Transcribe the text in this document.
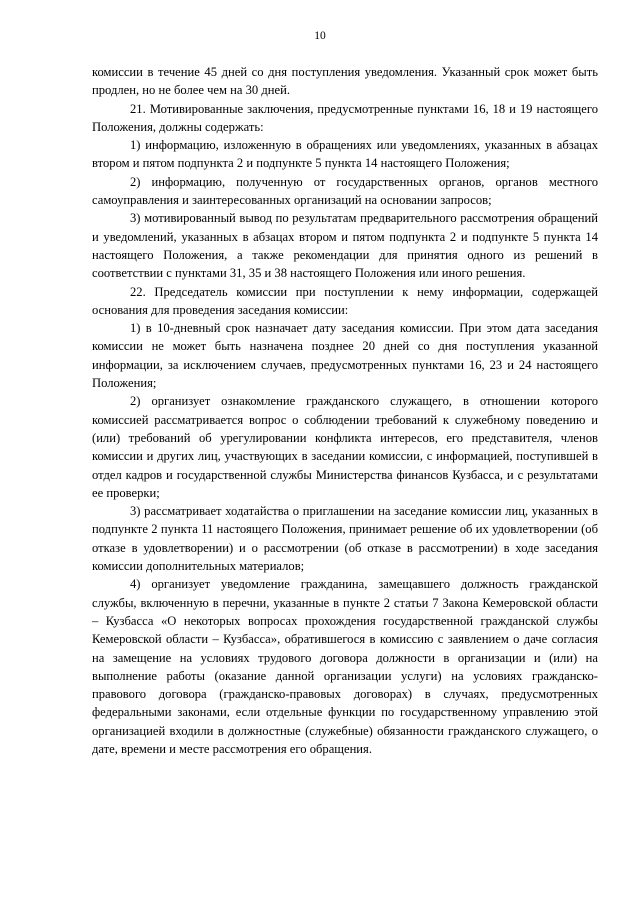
10

комиссии в течение 45 дней со дня поступления уведомления. Указанный срок может быть продлен, но не более чем на 30 дней.

21. Мотивированные заключения, предусмотренные пунктами 16, 18 и 19 настоящего Положения, должны содержать:

1) информацию, изложенную в обращениях или уведомлениях, указанных в абзацах втором и пятом подпункта 2 и подпункте 5 пункта 14 настоящего Положения;

2) информацию, полученную от государственных органов, органов местного самоуправления и заинтересованных организаций на основании запросов;

3) мотивированный вывод по результатам предварительного рассмотрения обращений и уведомлений, указанных в абзацах втором и пятом подпункта 2 и подпункте 5 пункта 14 настоящего Положения, а также рекомендации для принятия одного из решений в соответствии с пунктами 31, 35 и 38 настоящего Положения или иного решения.

22. Председатель комиссии при поступлении к нему информации, содержащей основания для проведения заседания комиссии:

1) в 10-дневный срок назначает дату заседания комиссии. При этом дата заседания комиссии не может быть назначена позднее 20 дней со дня поступления указанной информации, за исключением случаев, предусмотренных пунктами 16, 23 и 24 настоящего Положения;

2) организует ознакомление гражданского служащего, в отношении которого комиссией рассматривается вопрос о соблюдении требований к служебному поведению и (или) требований об урегулировании конфликта интересов, его представителя, членов комиссии и других лиц, участвующих в заседании комиссии, с информацией, поступившей в отдел кадров и государственной службы Министерства финансов Кузбасса, и с результатами ее проверки;

3) рассматривает ходатайства о приглашении на заседание комиссии лиц, указанных в подпункте 2 пункта 11 настоящего Положения, принимает решение об их удовлетворении (об отказе в удовлетворении) и о рассмотрении (об отказе в рассмотрении) в ходе заседания комиссии дополнительных материалов;

4) организует уведомление гражданина, замещавшего должность гражданской службы, включенную в перечни, указанные в пункте 2 статьи 7 Закона Кемеровской области – Кузбасса «О некоторых вопросах прохождения государственной гражданской службы Кемеровской области – Кузбасса», обратившегося в комиссию с заявлением о даче согласия на замещение на условиях трудового договора должности в организации и (или) на выполнение работы (оказание данной организации услуги) на условиях гражданско-правового договора (гражданско-правовых договорах) в случаях, предусмотренных федеральными законами, если отдельные функции по государственному управлению этой организацией входили в должностные (служебные) обязанности гражданского служащего, о дате, времени и месте рассмотрения его обращения.
